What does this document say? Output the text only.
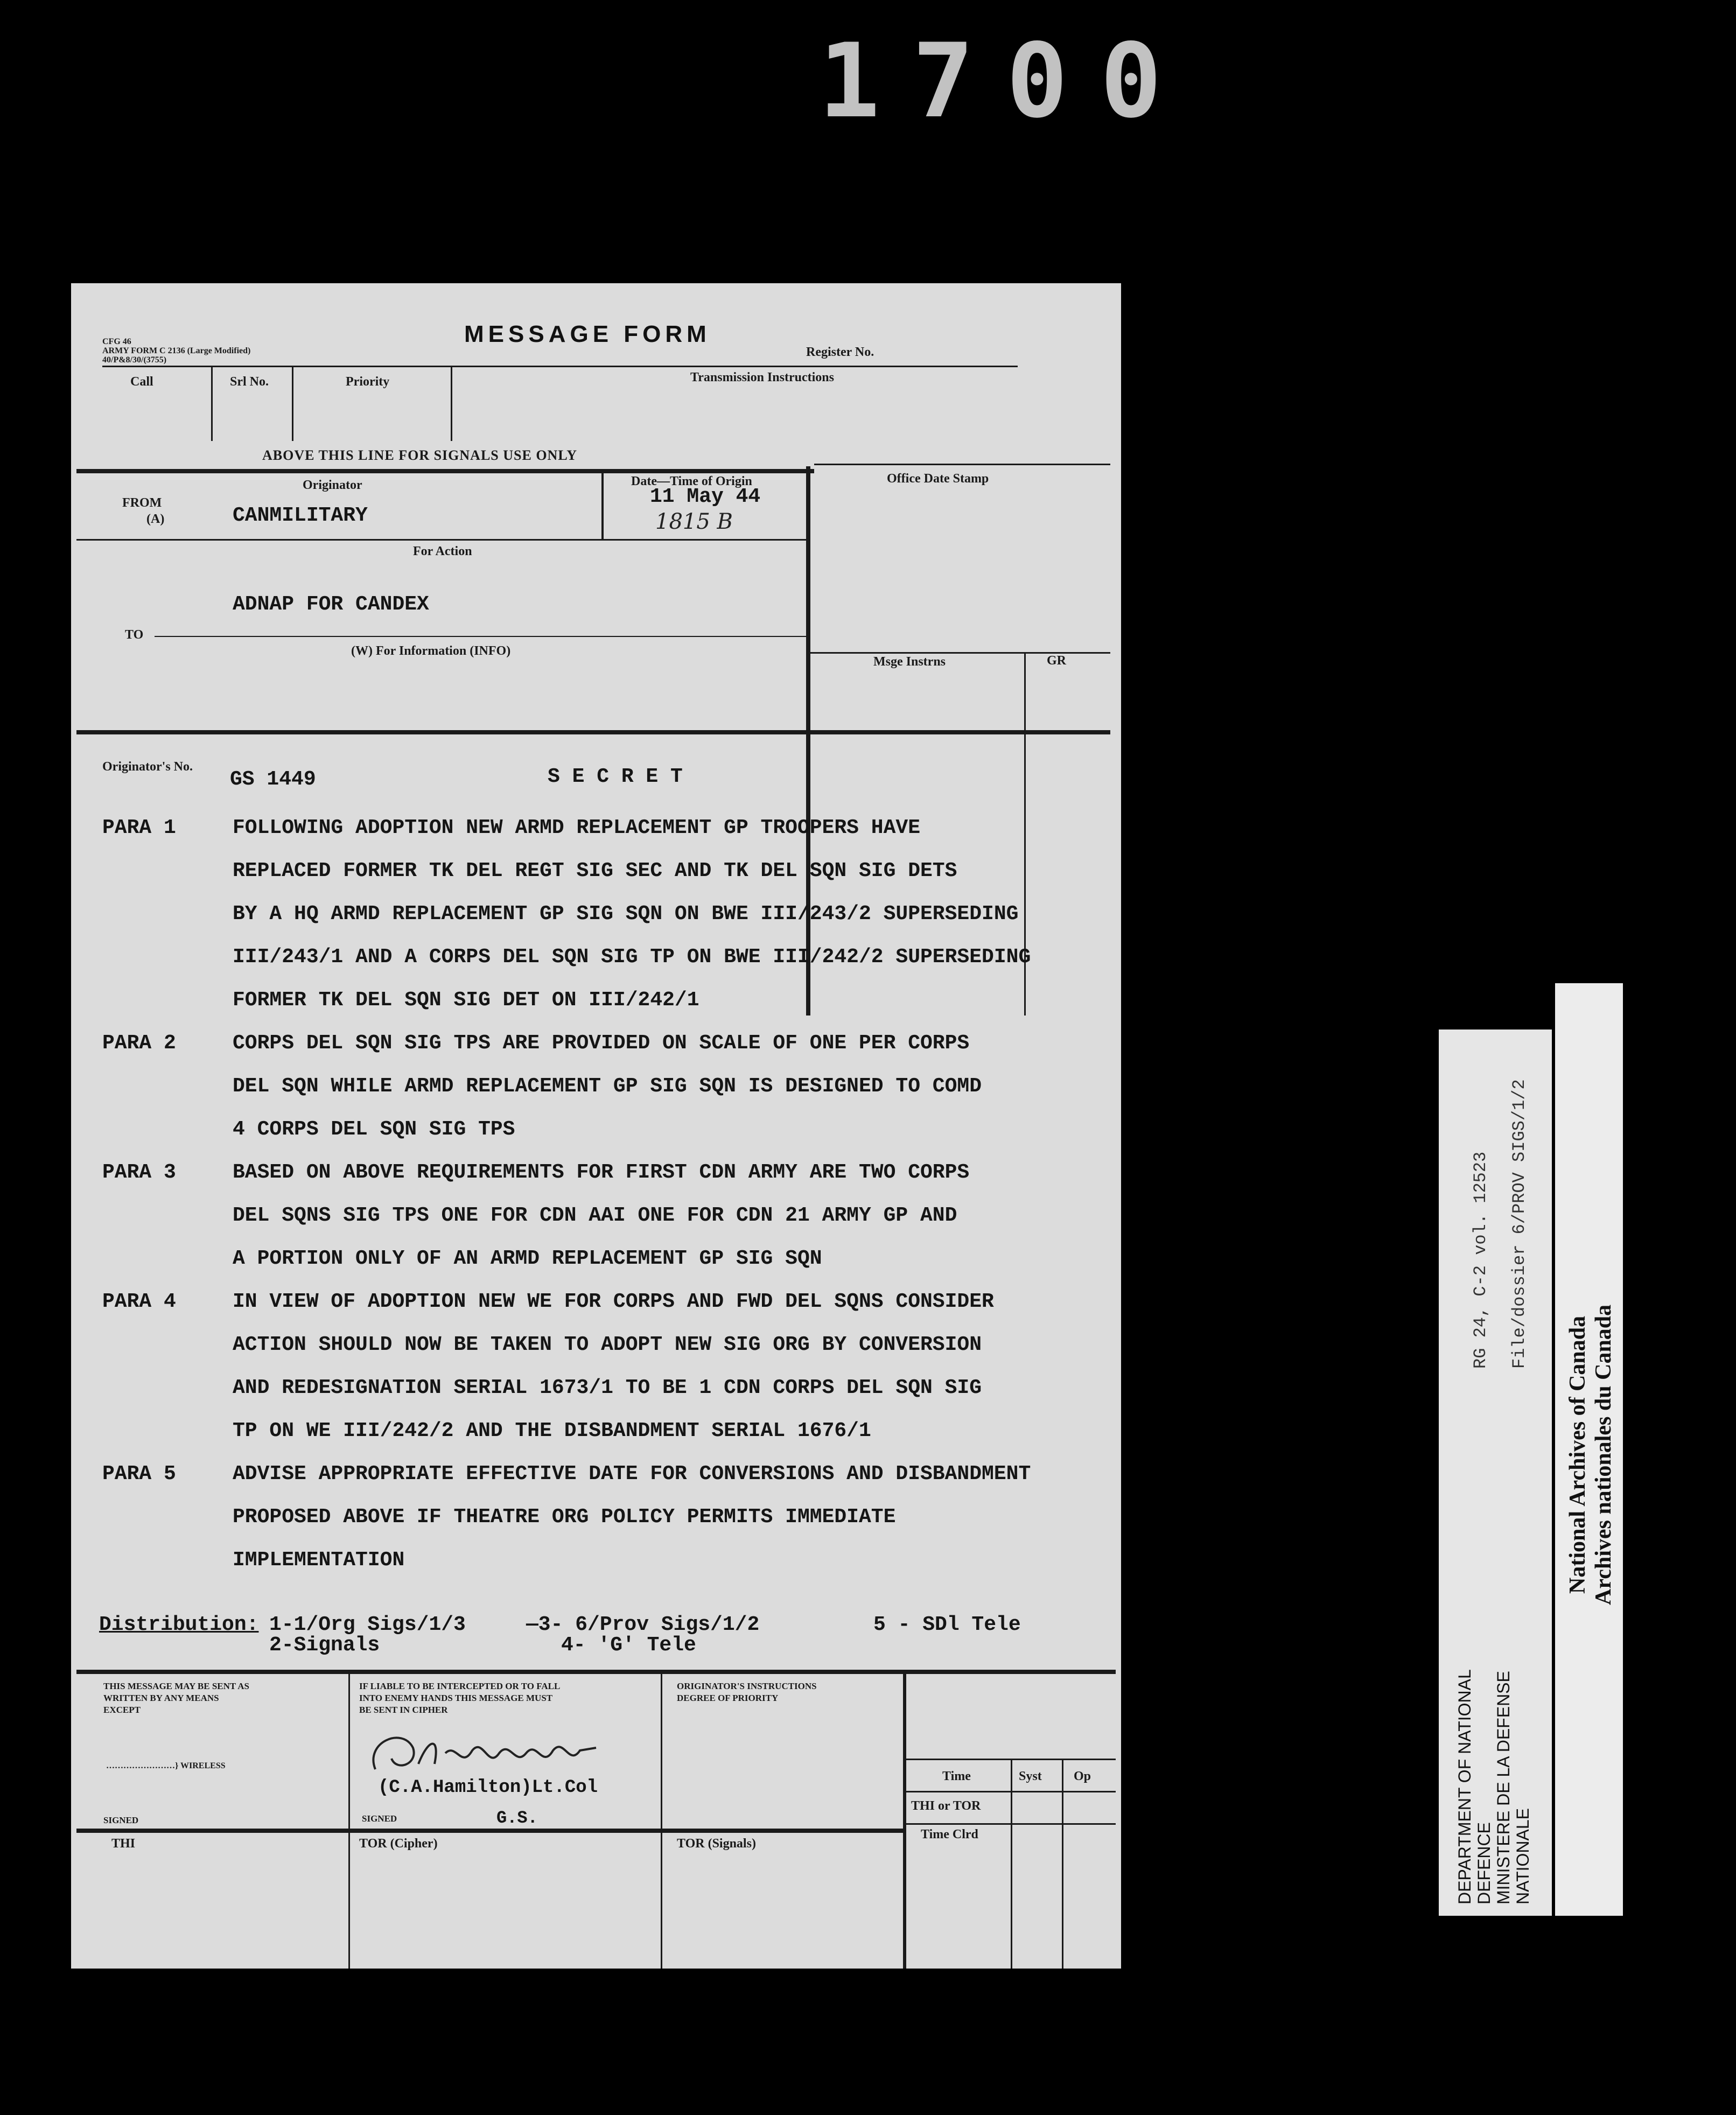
1700
CFG 46
ARMY FORM C 2136 (Large Modified)
40/P&8/30/(3755)
MESSAGE FORM
Register No.
Call	Srl No.	Priority	Transmission Instructions
ABOVE THIS LINE FOR SIGNALS USE ONLY
FROM
(A)
Originator
CANMILITARY
Date—Time of Origin
11 May 44
1815 B
Office Date Stamp
For Action
ADNAP FOR CANDEX
TO
(W) For Information (INFO)
Msge Instrns	GR
Originator's No.
GS 1449	S E C R E T
PARA 1	FOLLOWING ADOPTION NEW ARMD REPLACEMENT GP TROOPERS HAVE
REPLACED FORMER TK DEL REGT SIG SEC AND TK DEL SQN SIG DETS
BY A HQ ARMD REPLACEMENT GP SIG SQN ON BWE III/243/2 SUPERSEDING
III/243/1 AND A CORPS DEL SQN SIG TP ON BWE III/242/2 SUPERSEDING
FORMER TK DEL SQN SIG DET ON III/242/1
PARA 2	CORPS DEL SQN SIG TPS ARE PROVIDED ON SCALE OF ONE PER CORPS
DEL SQN WHILE ARMD REPLACEMENT GP SIG SQN IS DESIGNED TO COMD
4 CORPS DEL SQN SIG TPS
PARA 3	BASED ON ABOVE REQUIREMENTS FOR FIRST CDN ARMY ARE TWO CORPS
DEL SQNS SIG TPS ONE FOR CDN AAI ONE FOR CDN 21 ARMY GP AND
A PORTION ONLY OF AN ARMD REPLACEMENT GP SIG SQN
PARA 4	IN VIEW OF ADOPTION NEW WE FOR CORPS AND FWD DEL SQNS CONSIDER
ACTION SHOULD NOW BE TAKEN TO ADOPT NEW SIG ORG BY CONVERSION
AND REDESIGNATION SERIAL 1673/1 TO BE 1 CDN CORPS DEL SQN SIG
TP ON WE III/242/2 AND THE DISBANDMENT SERIAL 1676/1
PARA 5	ADVISE APPROPRIATE EFFECTIVE DATE FOR CONVERSIONS AND DISBANDMENT
PROPOSED ABOVE IF THEATRE ORG POLICY PERMITS IMMEDIATE
IMPLEMENTATION
Distribution: 1-1/Org Sigs/1/3
2-Signals
—3- 6/Prov Sigs/1/2
4- 'G' Tele
5 - SDl Tele
THIS MESSAGE MAY BE SENT AS
WRITTEN BY ANY MEANS
EXCEPT
……………………} WIRELESS
SIGNED
IF LIABLE TO BE INTERCEPTED OR TO FALL
INTO ENEMY HANDS THIS MESSAGE MUST
BE SENT IN CIPHER
(C.A.Hamilton)Lt.Col
SIGNED	G.S.
ORIGINATOR'S INSTRUCTIONS
DEGREE OF PRIORITY
Time	Syst Op
THI or TOR
Time Clrd
THI	TOR (Cipher)	TOR (Signals)	DEPARTMENT OF NATIONAL DEFENCE MINISTERE DE LA DEFENSE NATIONALE
RG 24, C-2 vol. 12523 File/dossier 6/PROV SIGS/1/2
National Archives of Canada Archives nationales du Canada
